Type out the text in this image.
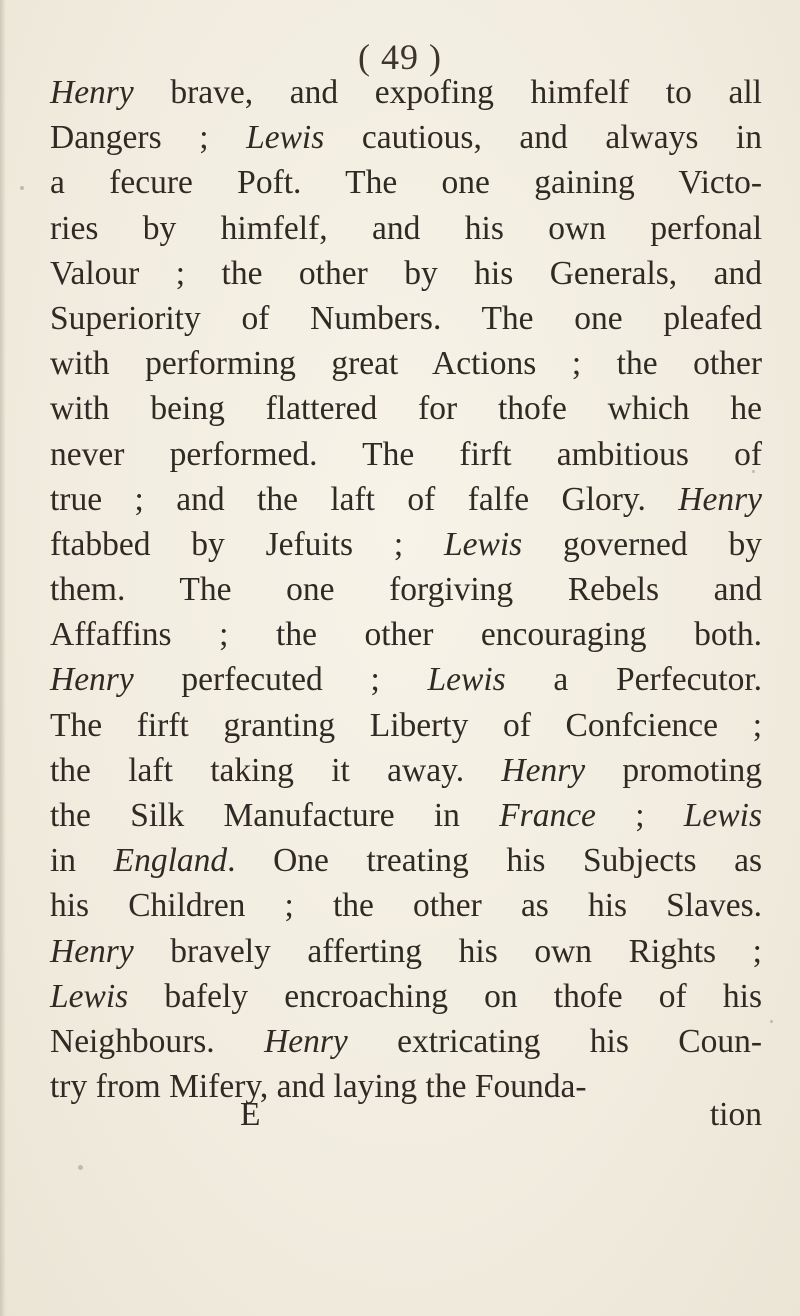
( 49 )
Henry brave, and expofing himfelf to all
Dangers ; Lewis cautious, and always in
a fecure Poft. The one gaining Victo-
ries by himfelf, and his own perfonal
Valour ; the other by his Generals, and
Superiority of Numbers. The one pleafed
with performing great Actions ; the other
with being flattered for thofe which he
never performed. The firft ambitious of
true ; and the laft of falfe Glory. Henry
ftabbed by Jefuits ; Lewis governed by
them. The one forgiving Rebels and
Affaffins ; the other encouraging both.
Henry perfecuted ; Lewis a Perfecutor.
The firft granting Liberty of Confcience ;
the laft taking it away. Henry promoting
the Silk Manufacture in France ; Lewis
in England. One treating his Subjects as
his Children ; the other as his Slaves.
Henry bravely afferting his own Rights ;
Lewis bafely encroaching on thofe of his
Neighbours. Henry extricating his Coun-
try from Mifery, and laying the Founda-
E	tion
